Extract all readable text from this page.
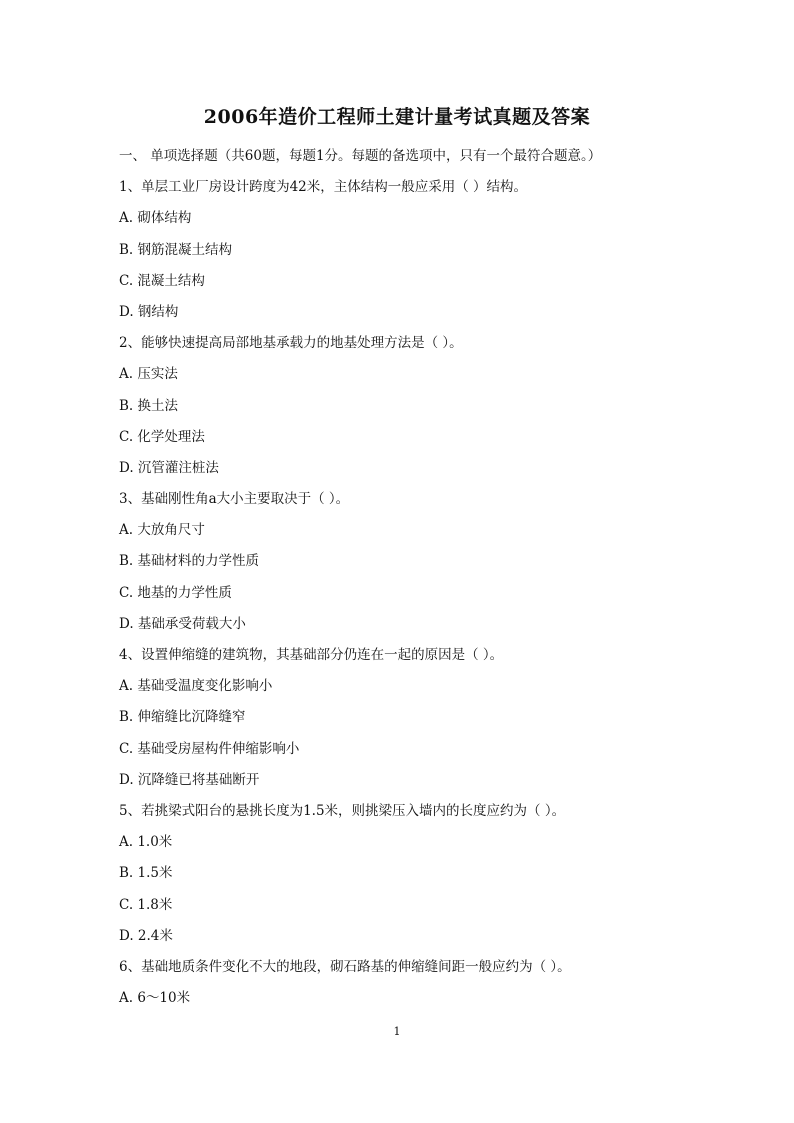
2006年造价工程师土建计量考试真题及答案
一、 单项选择题（共60题，每题1分。每题的备选项中，只有一个最符合题意。）
1、单层工业厂房设计跨度为42米，主体结构一般应采用（ ）结构。
A. 砌体结构
B. 钢筋混凝土结构
C. 混凝土结构
D. 钢结构
2、能够快速提高局部地基承载力的地基处理方法是（ ）。
A. 压实法
B. 换土法
C. 化学处理法
D. 沉管灌注桩法
3、基础刚性角a大小主要取决于（ ）。
A. 大放角尺寸
B. 基础材料的力学性质
C. 地基的力学性质
D. 基础承受荷载大小
4、设置伸缩缝的建筑物，其基础部分仍连在一起的原因是（ ）。
A. 基础受温度变化影响小
B. 伸缩缝比沉降缝窄
C. 基础受房屋构件伸缩影响小
D. 沉降缝已将基础断开
5、若挑梁式阳台的悬挑长度为1.5米，则挑梁压入墙内的长度应约为（ ）。
A. 1.0米
B. 1.5米
C. 1.8米
D. 2.4米
6、基础地质条件变化不大的地段，砌石路基的伸缩缝间距一般应约为（ ）。
A. 6～10米
1
